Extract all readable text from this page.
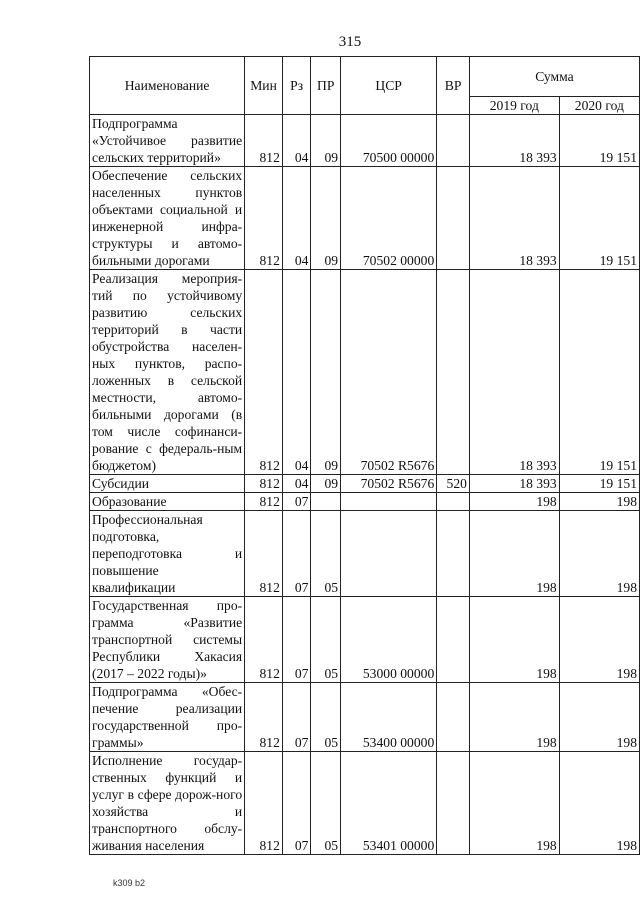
315
Наименование	Мин	Рз	ПР	ЦСР	ВР	Сумма	
						2019 год	2020 год
Подпрограмма «Устойчивое развитие сельских территорий»	812	04	09	70500 00000		18 393	19 151
Обеспечение сельских населенных пунктов объектами социальной и инженерной инфра-структуры и автомо-бильными дорогами	812	04	09	70502 00000		18 393	19 151
Реализация мероприя-тий по устойчивому развитию сельских территорий в части обустройства населен-ных пунктов, распо-ложенных в сельской местности, автомо-бильными дорогами (в том числе софинанси-рование с федераль-ным бюджетом)	812	04	09	70502 R5676		18 393	19 151
Субсидии	812	04	09	70502 R5676	520	18 393	19 151
Образование	812	07				198	198
Профессиональная подготовка, переподготовка и повышение квалификации	812	07	05			198	198
Государственная про-грамма «Развитие транспортной системы Республики Хакасия (2017 – 2022 годы)»	812	07	05	53000 00000		198	198
Подпрограмма «Обес-печение реализации государственной про-граммы»	812	07	05	53400 00000		198	198
Исполнение государ-ственных функций и услуг в сфере дорож-ного хозяйства и транспортного обслу-живания населения	812	07	05	53401 00000		198	198
k309 b2
